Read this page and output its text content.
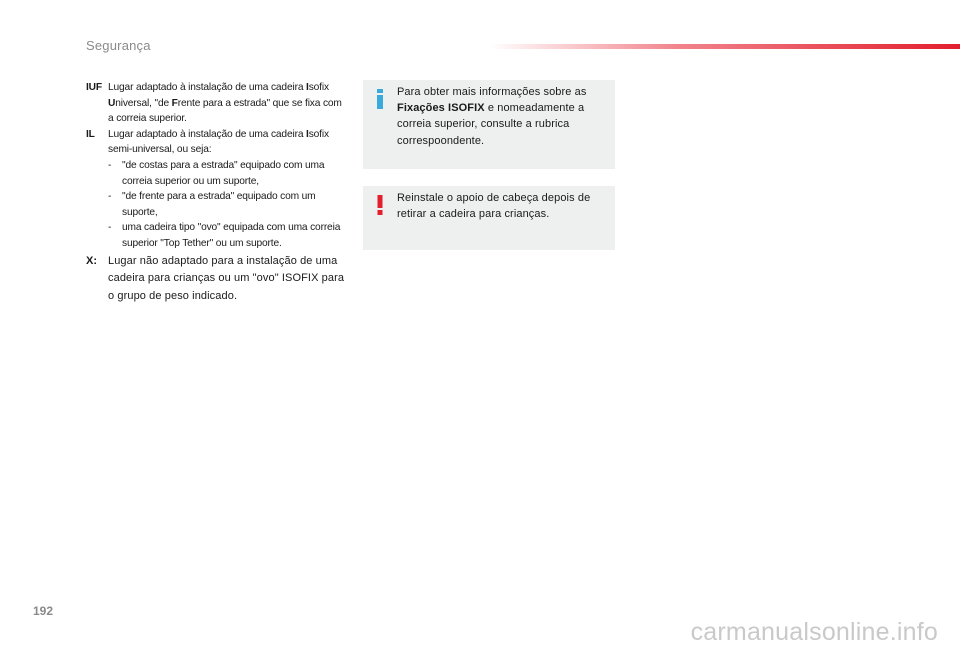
Segurança
IUF Lugar adaptado à instalação de uma cadeira Isofix Universal, "de Frente para a estrada" que se fixa com a correia superior.
IL Lugar adaptado à instalação de uma cadeira Isofix semi-universal, ou seja:
- "de costas para a estrada" equipado com uma correia superior ou um suporte,
- "de frente para a estrada" equipado com um suporte,
- uma cadeira tipo "ovo" equipada com uma correia superior "Top Tether" ou um suporte.
X: Lugar não adaptado para a instalação de uma cadeira para crianças ou um "ovo" ISOFIX para o grupo de peso indicado.
Para obter mais informações sobre as Fixações ISOFIX e nomeadamente a correia superior, consulte a rubrica correspoondente.
Reinstale o apoio de cabeça depois de retirar a cadeira para crianças.
192
carmanualsonline.info
